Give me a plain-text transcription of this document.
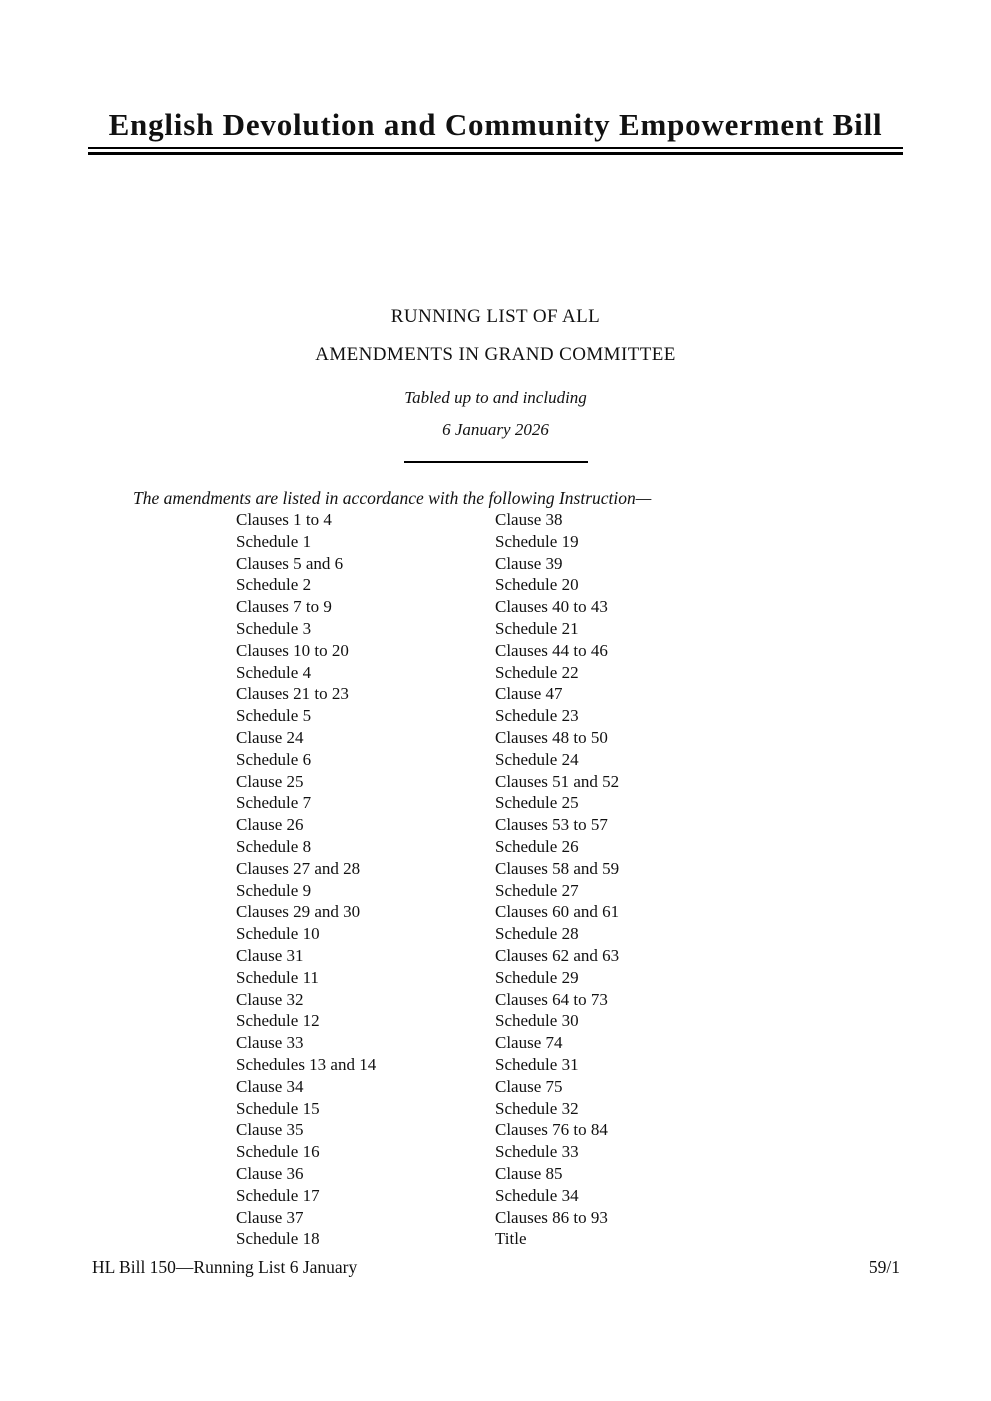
English Devolution and Community Empowerment Bill
RUNNING LIST OF ALL
AMENDMENTS IN GRAND COMMITTEE
Tabled up to and including
6 January 2026
The amendments are listed in accordance with the following Instruction—
Clauses 1 to 4
Schedule 1
Clauses 5 and 6
Schedule 2
Clauses 7 to 9
Schedule 3
Clauses 10 to 20
Schedule 4
Clauses 21 to 23
Schedule 5
Clause 24
Schedule 6
Clause 25
Schedule 7
Clause 26
Schedule 8
Clauses 27 and 28
Schedule 9
Clauses 29 and 30
Schedule 10
Clause 31
Schedule 11
Clause 32
Schedule 12
Clause 33
Schedules 13 and 14
Clause 34
Schedule 15
Clause 35
Schedule 16
Clause 36
Schedule 17
Clause 37
Schedule 18
Clause 38
Schedule 19
Clause 39
Schedule 20
Clauses 40 to 43
Schedule 21
Clauses 44 to 46
Schedule 22
Clause 47
Schedule 23
Clauses 48 to 50
Schedule 24
Clauses 51 and 52
Schedule 25
Clauses 53 to 57
Schedule 26
Clauses 58 and 59
Schedule 27
Clauses 60 and 61
Schedule 28
Clauses 62 and 63
Schedule 29
Clauses 64 to 73
Schedule 30
Clause 74
Schedule 31
Clause 75
Schedule 32
Clauses 76 to 84
Schedule 33
Clause 85
Schedule 34
Clauses 86 to 93
Title
HL Bill 150—Running List 6 January	59/1
